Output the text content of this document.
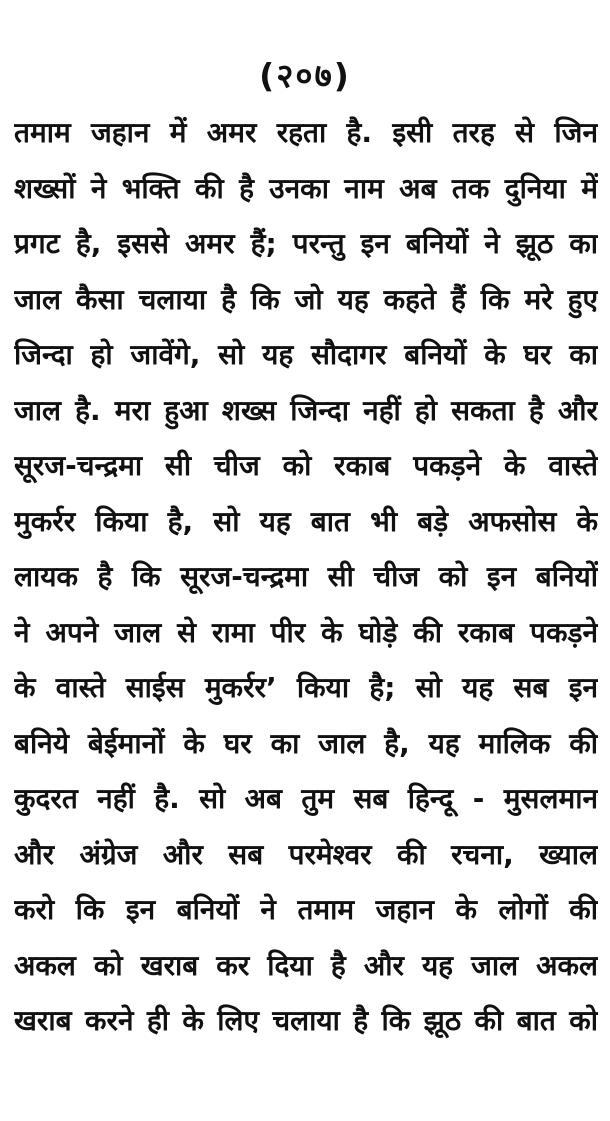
(२०७)
तमाम जहान में अमर रहता है. इसी तरह से जिन
शख्सों ने भक्ति की है उनका नाम अब तक दुनिया में
प्रगट है, इससे अमर हैं; परन्तु इन बनियों ने झूठ का
जाल कैसा चलाया है कि जो यह कहते हैं कि मरे हुए
जिन्दा हो जावेंगे, सो यह सौदागर बनियों के घर का
जाल है. मरा हुआ शख्स जिन्दा नहीं हो सकता है और
सूरज-चन्द्रमा सी चीज को रकाब पकड़ने के वास्ते
मुकर्रर किया है, सो यह बात भी बड़े अफसोस के
लायक है कि सूरज-चन्द्रमा सी चीज को इन बनियों
ने अपने जाल से रामा पीर के घोड़े की रकाब पकड़ने
के वास्ते साईस मुकर्रर’ किया है; सो यह सब इन
बनिये बेईमानों के घर का जाल है, यह मालिक की
कुदरत नहीं है. सो अब तुम सब हिन्दू - मुसलमान
और अंग्रेज और सब परमेश्वर की रचना, ख्याल
करो कि इन बनियों ने तमाम जहान के लोगों की
अकल को खराब कर दिया है और यह जाल अकल
खराब करने ही के लिए चलाया है कि झूठ की बात को
